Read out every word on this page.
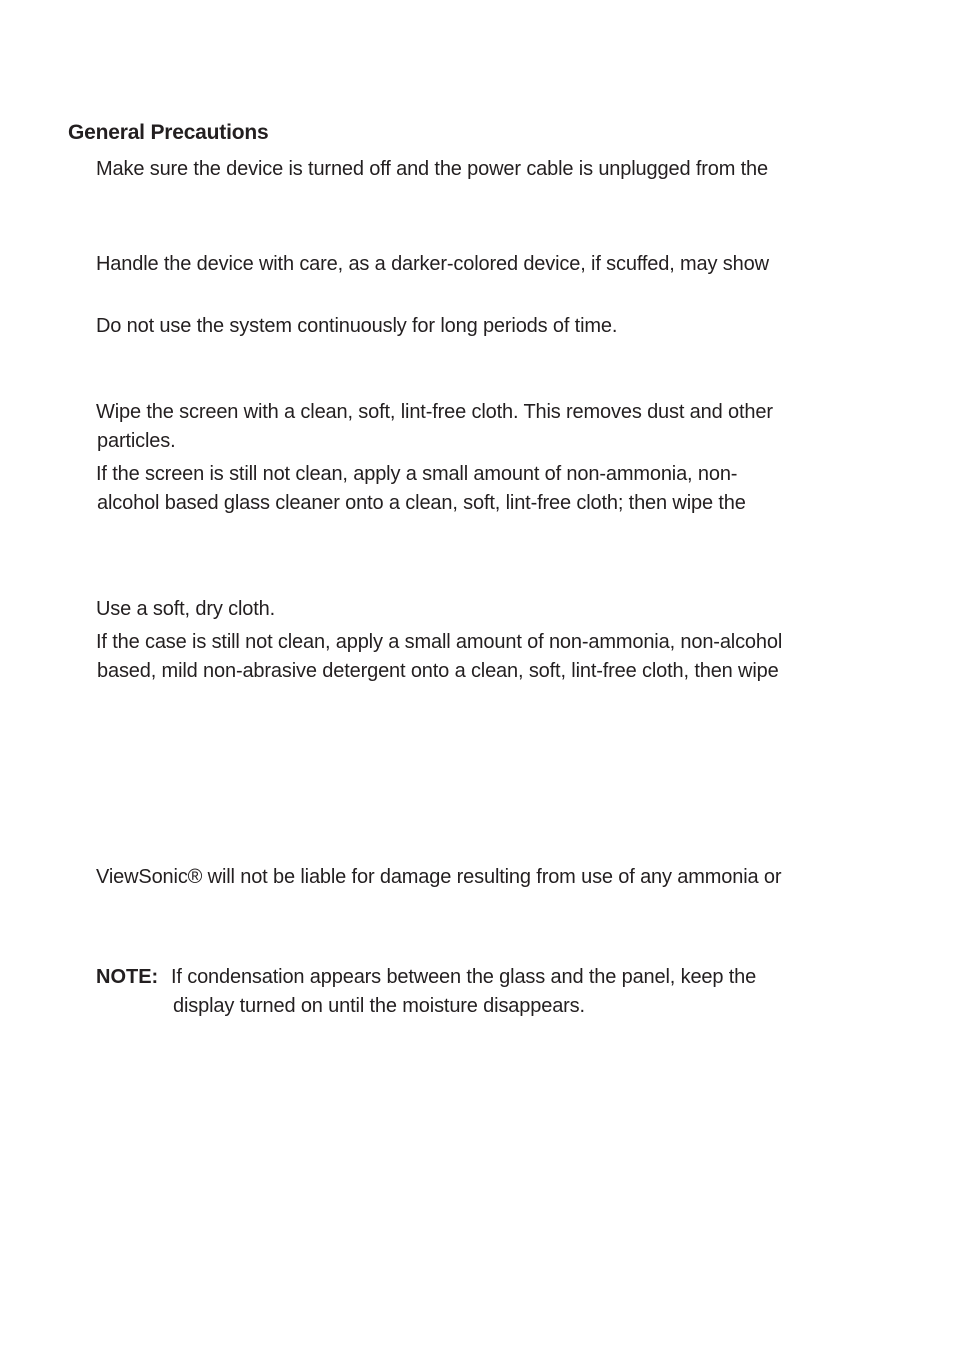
General Precautions
Make sure the device is turned off and the power cable is unplugged from the
Handle the device with care, as a darker-colored device, if scuffed, may show
Do not use the system continuously for long periods of time.
Wipe the screen with a clean, soft, lint-free cloth. This removes dust and other
particles.
If the screen is still not clean, apply a small amount of non-ammonia, non-
alcohol based glass cleaner onto a clean, soft, lint-free cloth; then wipe the
Use a soft, dry cloth.
If the case is still not clean, apply a small amount of non-ammonia, non-alcohol
based, mild non-abrasive detergent onto a clean, soft, lint-free cloth, then wipe
ViewSonic® will not be liable for damage resulting from use of any ammonia or
NOTE: If condensation appears between the glass and the panel, keep the
display turned on until the moisture disappears.
